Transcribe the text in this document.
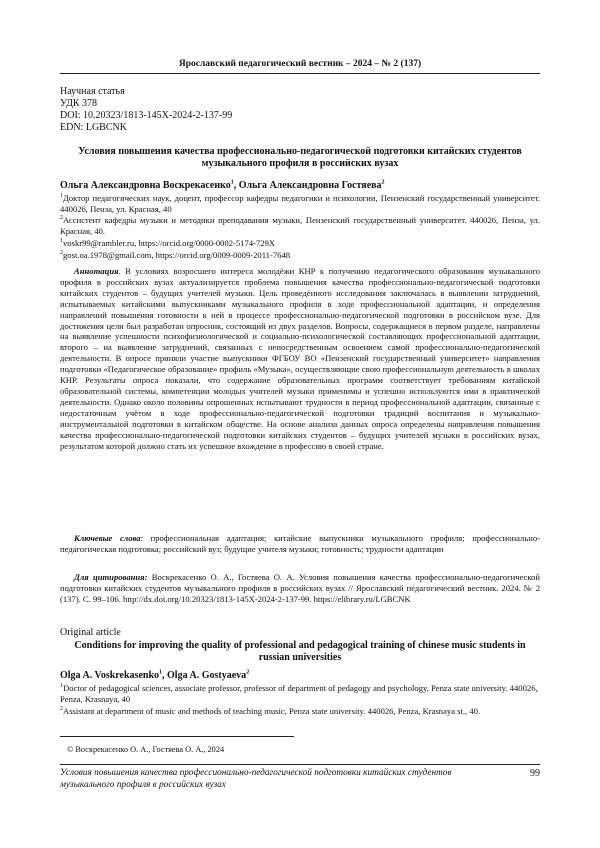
Ярославский педагогический вестник – 2024 – № 2 (137)
Научная статья
УДК 378
DOI: 10.20323/1813-145X-2024-2-137-99
EDN: LGBCNK
Условия повышения качества профессионально-педагогической подготовки китайских студентов музыкального профиля в российских вузах
Ольга Александровна Воскрекасенко$^1$, Ольга Александровна Гостяева$^2$
$^1$Доктор педагогических наук, доцент, профессор кафедры педагогики и психологии, Пензенский государственный университет. 440026, Пенза, ул. Красная, 40
$^2$Ассистент кафедры музыки и методики преподавания музыки, Пензенский государственный университет. 440026, Пенза, ул. Красная, 40.
$^1$voskr99@rambler.ru, https://orcid.org/0000-0002-5174-729X
$^2$gost.oa.1978@gmail.com, https://orcid.org/0009-0009-2011-7648
Аннотация. В условиях возросшего интереса молодёжи КНР к получению педагогического образования музыкального профиля в российских вузах актуализируется проблема повышения качества профессионально-педагогической подготовки китайских студентов – будущих учителей музыки. Цель проведённого исследования заключалась в выявлении затруднений, испытываемых китайскими выпускниками музыкального профиля в ходе профессиональной адаптации, и определения направлений повышения готовности к ней в процессе профессионально-педагогической подготовки в российском вузе. Для достижения цели был разработан опросник, состоящий из двух разделов. Вопросы, содержащиеся в первом разделе, направлены на выявление успешности психофизиологической и социально-психологической составляющих профессиональной адаптации, второго – на выявление затруднений, связанных с непосредственным освоением самой профессионально-педагогической деятельности. В опросе приняли участие выпускники ФГБОУ ВО «Пензенский государственный университет» направления подготовки «Педагогическое образование» профиль «Музыка», осуществляющие свою профессиональную деятельность в школах КНР. Результаты опроса показали, что содержание образовательных программ соответствует требованиям китайской образовательной системы, компетенции молодых учителей музыки применимы и успешно используются ими в практической деятельности. Однако около половины опрошенных испытывают трудности в период профессиональной адаптации, связанные с недостаточным учётом в ходе профессионально-педагогической подготовки традиций воспитания и музыкально-инструментальной подготовки в китайском обществе. На основе анализа данных опроса определены направления повышения качества профессионально-педагогической подготовки китайских студентов – будущих учителей музыки в российских вузах, результатом которой должно стать их успешное вхождение в профессию в своей стране.
Ключевые слова: профессиональная адаптация; китайские выпускники музыкального профиля; профессионально-педагогическая подготовка; российский вуз; будущие учителя музыки; готовность; трудности адаптации
Для цитирования: Воскрекасенко О. А., Гостяева О. А. Условия повышения качества профессионально-педагогической подготовки китайских студентов музыкального профиля в российских вузах // Ярославский педагогический вестник. 2024. № 2 (137). С. 99–106. http://dx.doi.org/10.20323/1813-145X-2024-2-137-99. https://elibrary.ru/LGBCNK
Original article
Conditions for improving the quality of professional and pedagogical training of chinese music students in russian universities
Olga A. Voskrekasenko$^1$, Olga A. Gostyaeva$^2$
$^1$Doctor of pedagogical sciences, associate professor, professor of department of pedagogy and psychology, Penza state university. 440026, Penza, Krasnaya, 40
$^2$Assistant at department of music and methods of teaching music, Penza state university. 440026, Penza, Krasnaya st., 40.
© Воскрекасенко О. А., Гостяева О. А., 2024
Условия повышения качества профессионально-педагогической подготовки китайских студентов музыкального профиля в российских вузах
99
